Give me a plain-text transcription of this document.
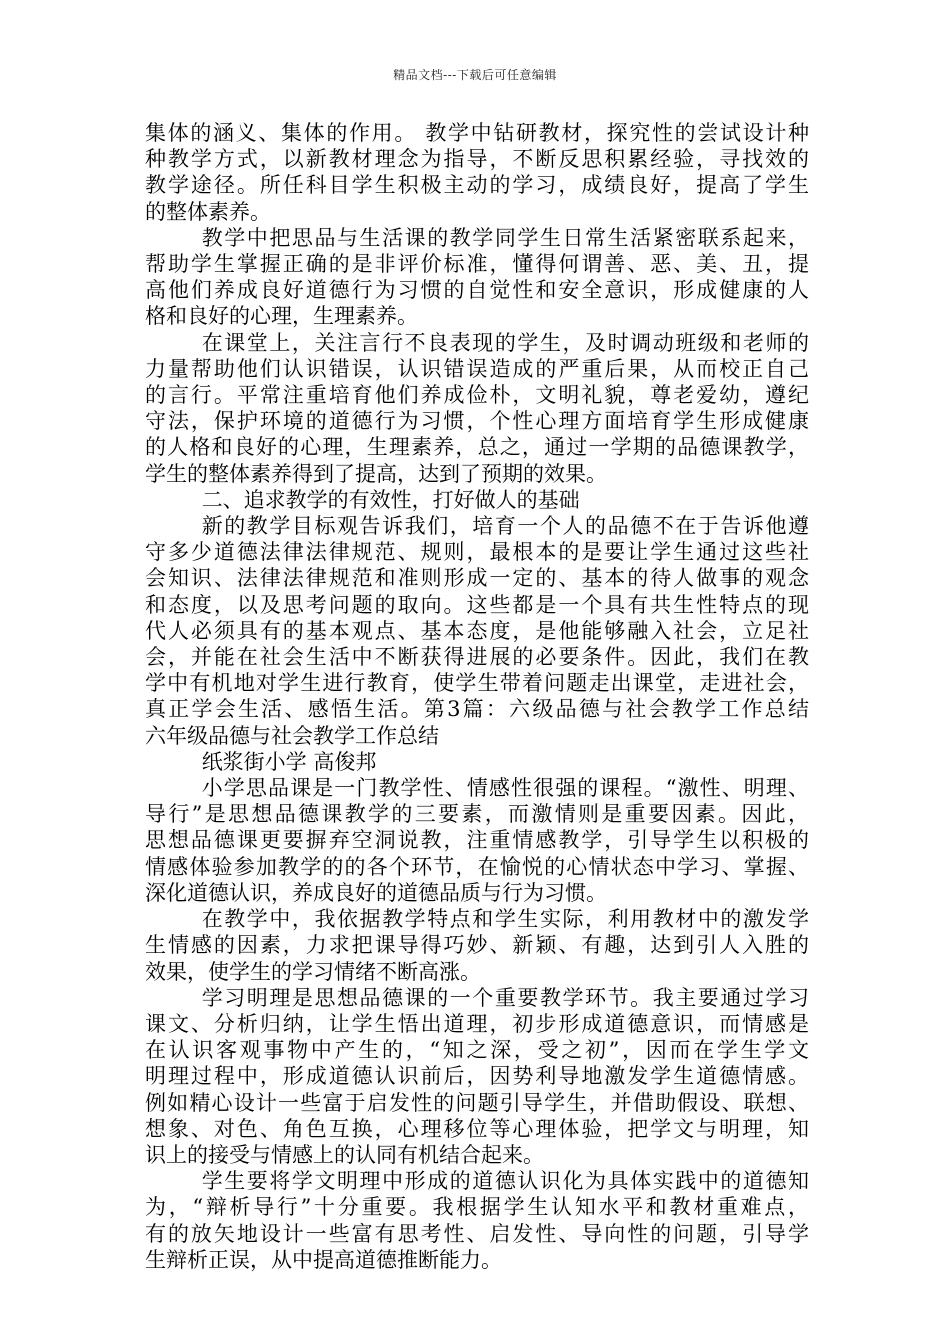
精品文档---下载后可任意编辑
集体的涵义、集体的作用。 教学中钻研教材，探究性的尝试设计种
种教学方式，以新教材理念为指导，不断反思积累经验，寻找效的
教学途径。所任科目学生积极主动的学习，成绩良好，提高了学生
的整体素养。
教学中把思品与生活课的教学同学生日常生活紧密联系起来，
帮助学生掌握正确的是非评价标准，懂得何谓善、恶、美、丑，提
高他们养成良好道德行为习惯的自觉性和安全意识，形成健康的人
格和良好的心理，生理素养。
在课堂上，关注言行不良表现的学生，及时调动班级和老师的
力量帮助他们认识错误，认识错误造成的严重后果，从而校正自己
的言行。平常注重培育他们养成俭朴，文明礼貌，尊老爱幼，遵纪
守法，保护环境的道德行为习惯，个性心理方面培育学生形成健康
的人格和良好的心理，生理素养，总之，通过一学期的品德课教学，
学生的整体素养得到了提高，达到了预期的效果。
二、追求教学的有效性，打好做人的基础
新的教学目标观告诉我们，培育一个人的品德不在于告诉他遵
守多少道德法律法律规范、规则，最根本的是要让学生通过这些社
会知识、法律法律规范和准则形成一定的、基本的待人做事的观念
和态度，以及思考问题的取向。这些都是一个具有共生性特点的现
代人必须具有的基本观点、基本态度，是他能够融入社会，立足社
会，并能在社会生活中不断获得进展的必要条件。因此，我们在教
学中有机地对学生进行教育，使学生带着问题走出课堂，走进社会，
真正学会生活、感悟生活。第3篇：六级品德与社会教学工作总结
六年级品德与社会教学工作总结
纸浆街小学 高俊邦
小学思品课是一门教学性、情感性很强的课程。“激性、明理、
导行”是思想品德课教学的三要素，而激情则是重要因素。因此，
思想品德课更要摒弃空洞说教，注重情感教学，引导学生以积极的
情感体验参加教学的的各个环节，在愉悦的心情状态中学习、掌握、
深化道德认识，养成良好的道德品质与行为习惯。
在教学中，我依据教学特点和学生实际，利用教材中的激发学
生情感的因素，力求把课导得巧妙、新颖、有趣，达到引人入胜的
效果，使学生的学习情绪不断高涨。
学习明理是思想品德课的一个重要教学环节。我主要通过学习
课文、分析归纳，让学生悟出道理，初步形成道德意识，而情感是
在认识客观事物中产生的，“知之深，受之初”，因而在学生学文
明理过程中，形成道德认识前后，因势利导地激发学生道德情感。
例如精心设计一些富于启发性的问题引导学生，并借助假设、联想、
想象、对色、角色互换，心理移位等心理体验，把学文与明理，知
识上的接受与情感上的认同有机结合起来。
学生要将学文明理中形成的道德认识化为具体实践中的道德知
为，“辩析导行”十分重要。我根据学生认知水平和教材重难点，
有的放矢地设计一些富有思考性、启发性、导向性的问题，引导学
生辩析正误，从中提高道德推断能力。
